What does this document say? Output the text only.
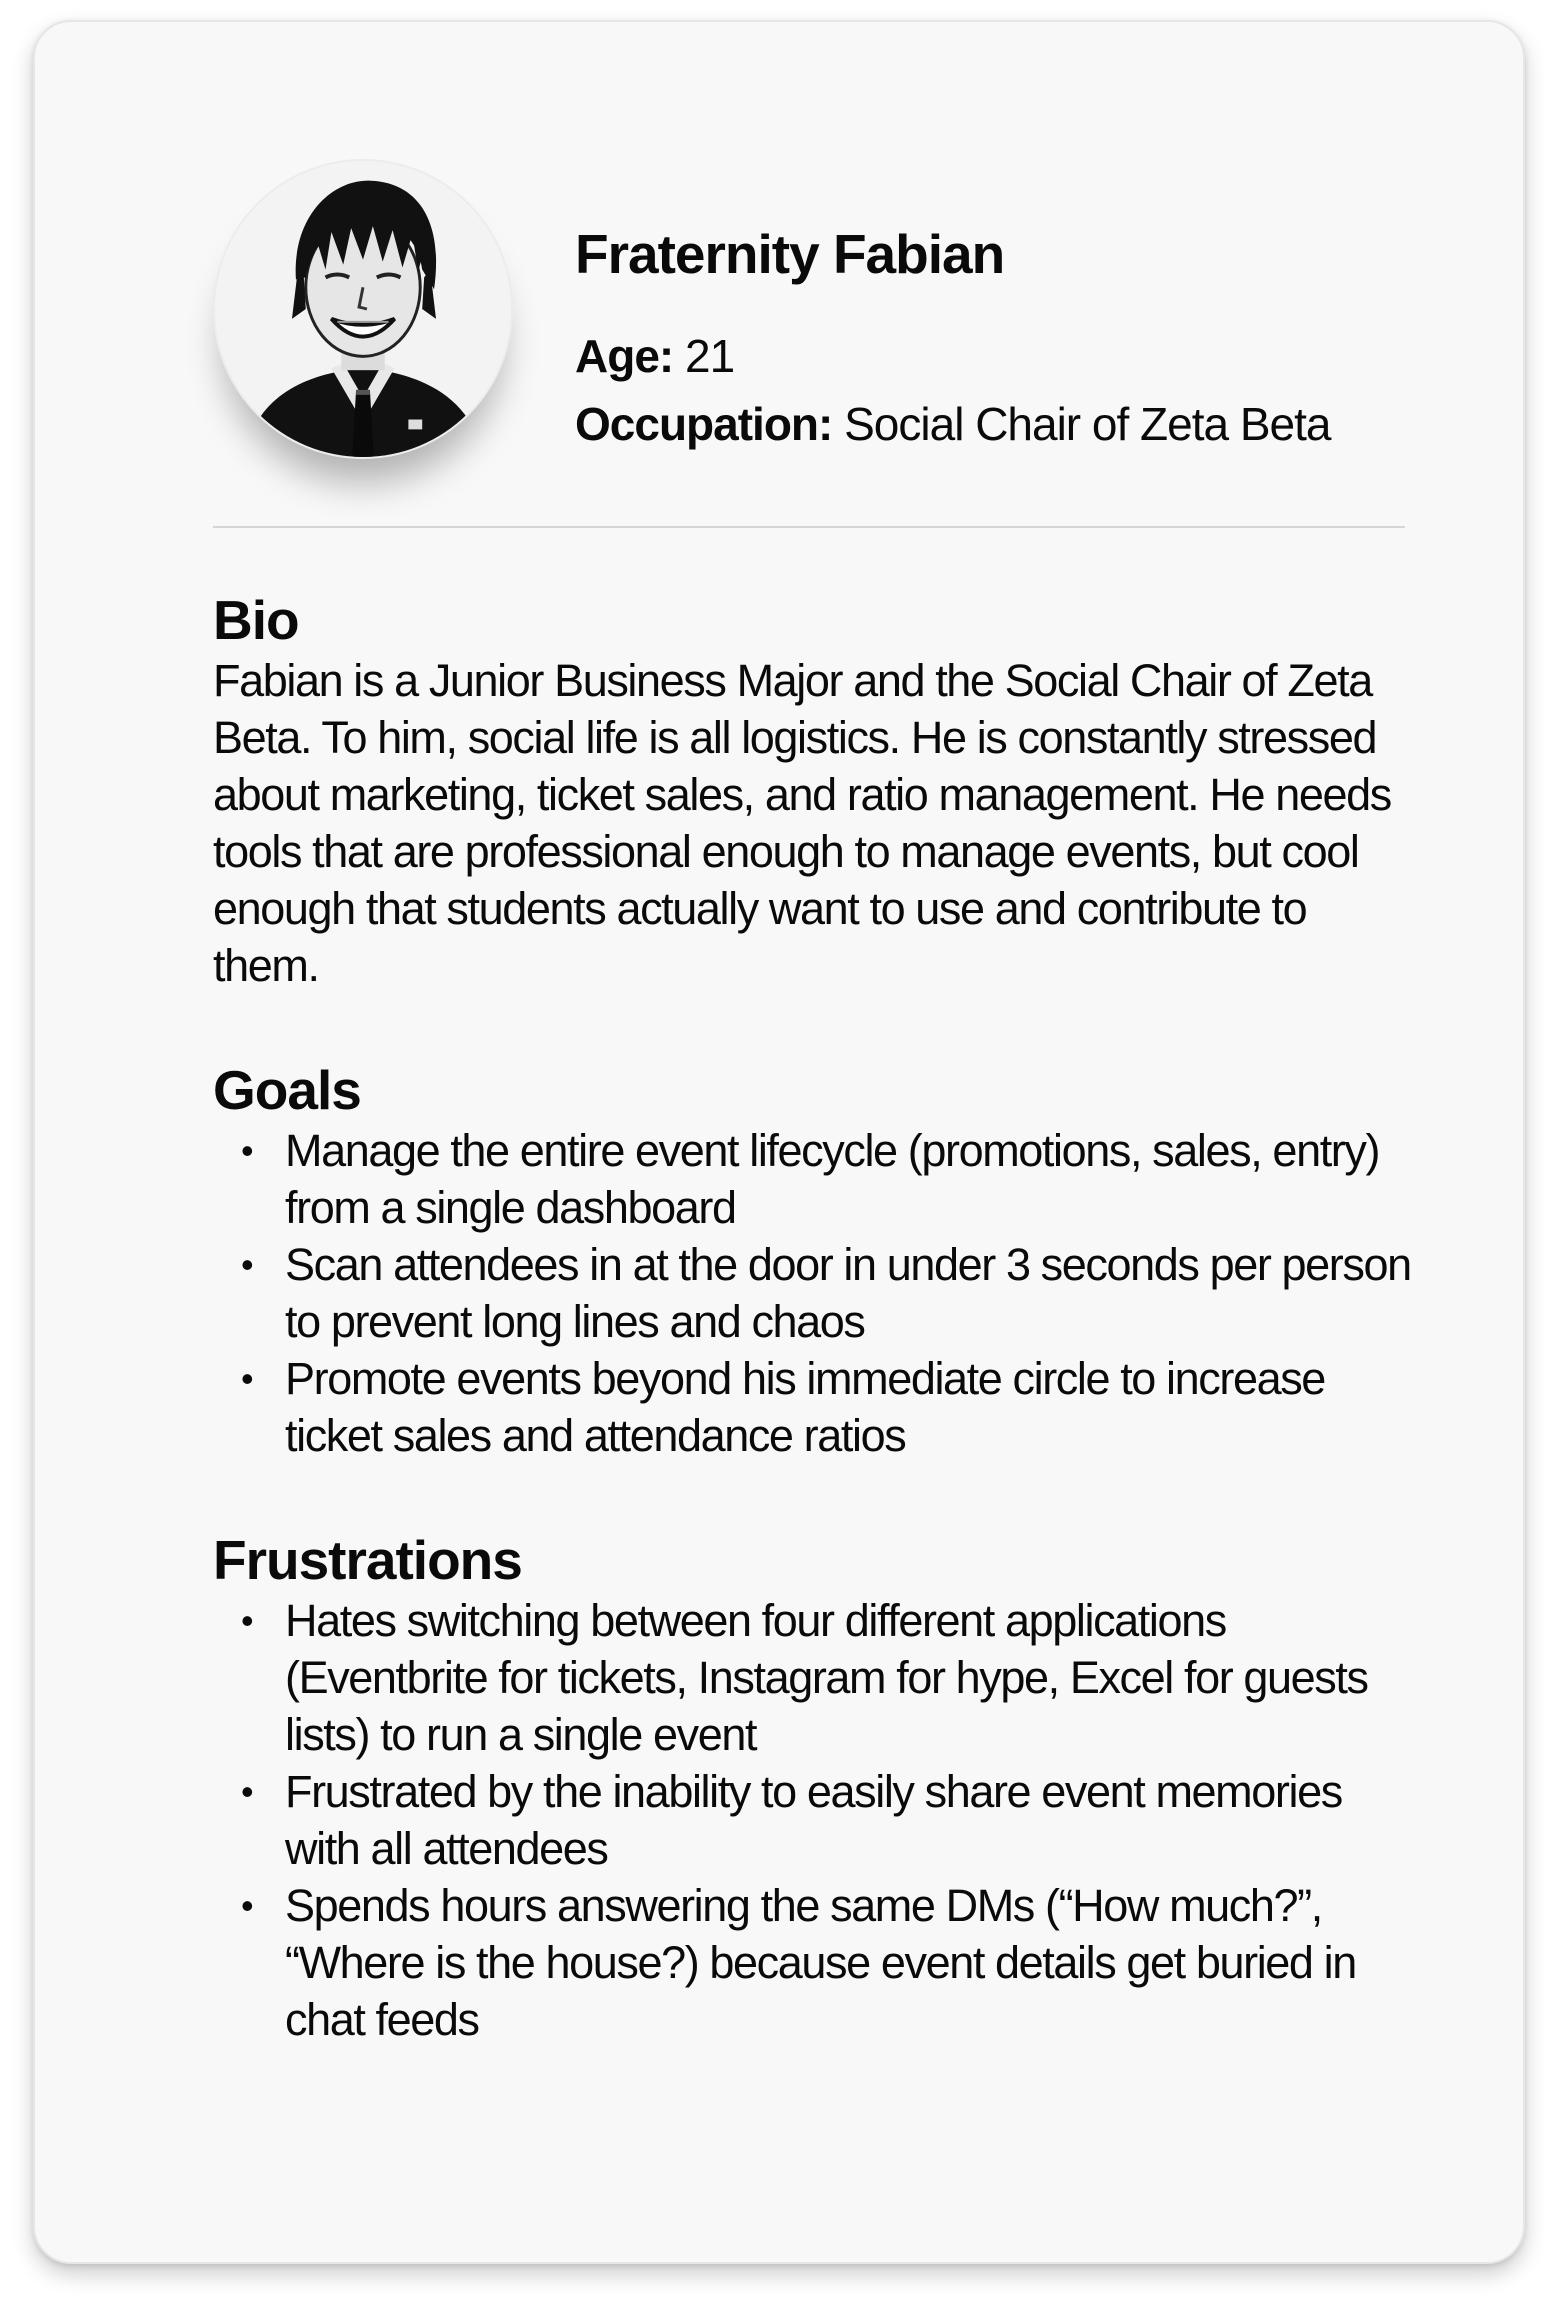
Fraternity Fabian
Age: 21
Occupation: Social Chair of Zeta Beta
Bio

Fabian is a Junior Business Major and the Social Chair of Zeta Beta. To him, social life is all logistics. He is constantly stressed about marketing, ticket sales, and ratio management. He needs tools that are professional enough to manage events, but cool enough that students actually want to use and contribute to them.

Goals
• Manage the entire event lifecycle (promotions, sales, entry) from a single dashboard
• Scan attendees in at the door in under 3 seconds per person to prevent long lines and chaos
• Promote events beyond his immediate circle to increase ticket sales and attendance ratios
Frustrations
• Hates switching between four different applications (Eventbrite for tickets, Instagram for hype, Excel for guests lists) to run a single event
• Frustrated by the inability to easily share event memories with all attendees
• Spends hours answering the same DMs (“How much?”, “Where is the house?) because event details get buried in chat feeds
